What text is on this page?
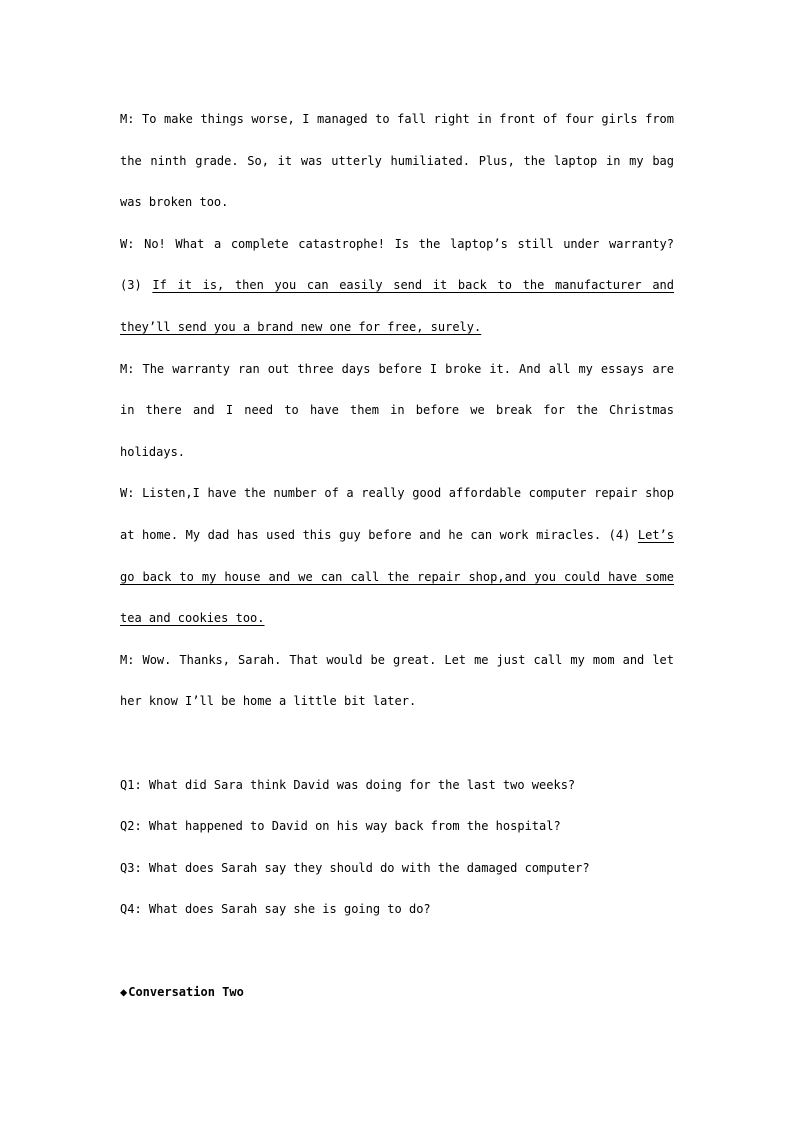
M: To make things worse, I managed to fall right in front of four girls from the ninth grade. So, it was utterly humiliated. Plus, the laptop in my bag was broken too.

W: No! What a complete catastrophe! Is the laptop’s still under warranty? (3) If it is, then you can easily send it back to the manufacturer and they’ll send you a brand new one for free, surely.

M: The warranty ran out three days before I broke it. And all my essays are in there and I need to have them in before we break for the Christmas holidays.

W: Listen,I have the number of a really good affordable computer repair shop at home. My dad has used this guy before and he can work miracles. (4) Let’s go back to my house and we can call the repair shop,and you could have some tea and cookies too.

M: Wow. Thanks, Sarah. That would be great. Let me just call my mom and let her know I’ll be home a little bit later.

Q1: What did Sara think David was doing for the last two weeks?

Q2: What happened to David on his way back from the hospital?

Q3: What does Sarah say they should do with the damaged computer?

Q4: What does Sarah say she is going to do?

◆Conversation Two
